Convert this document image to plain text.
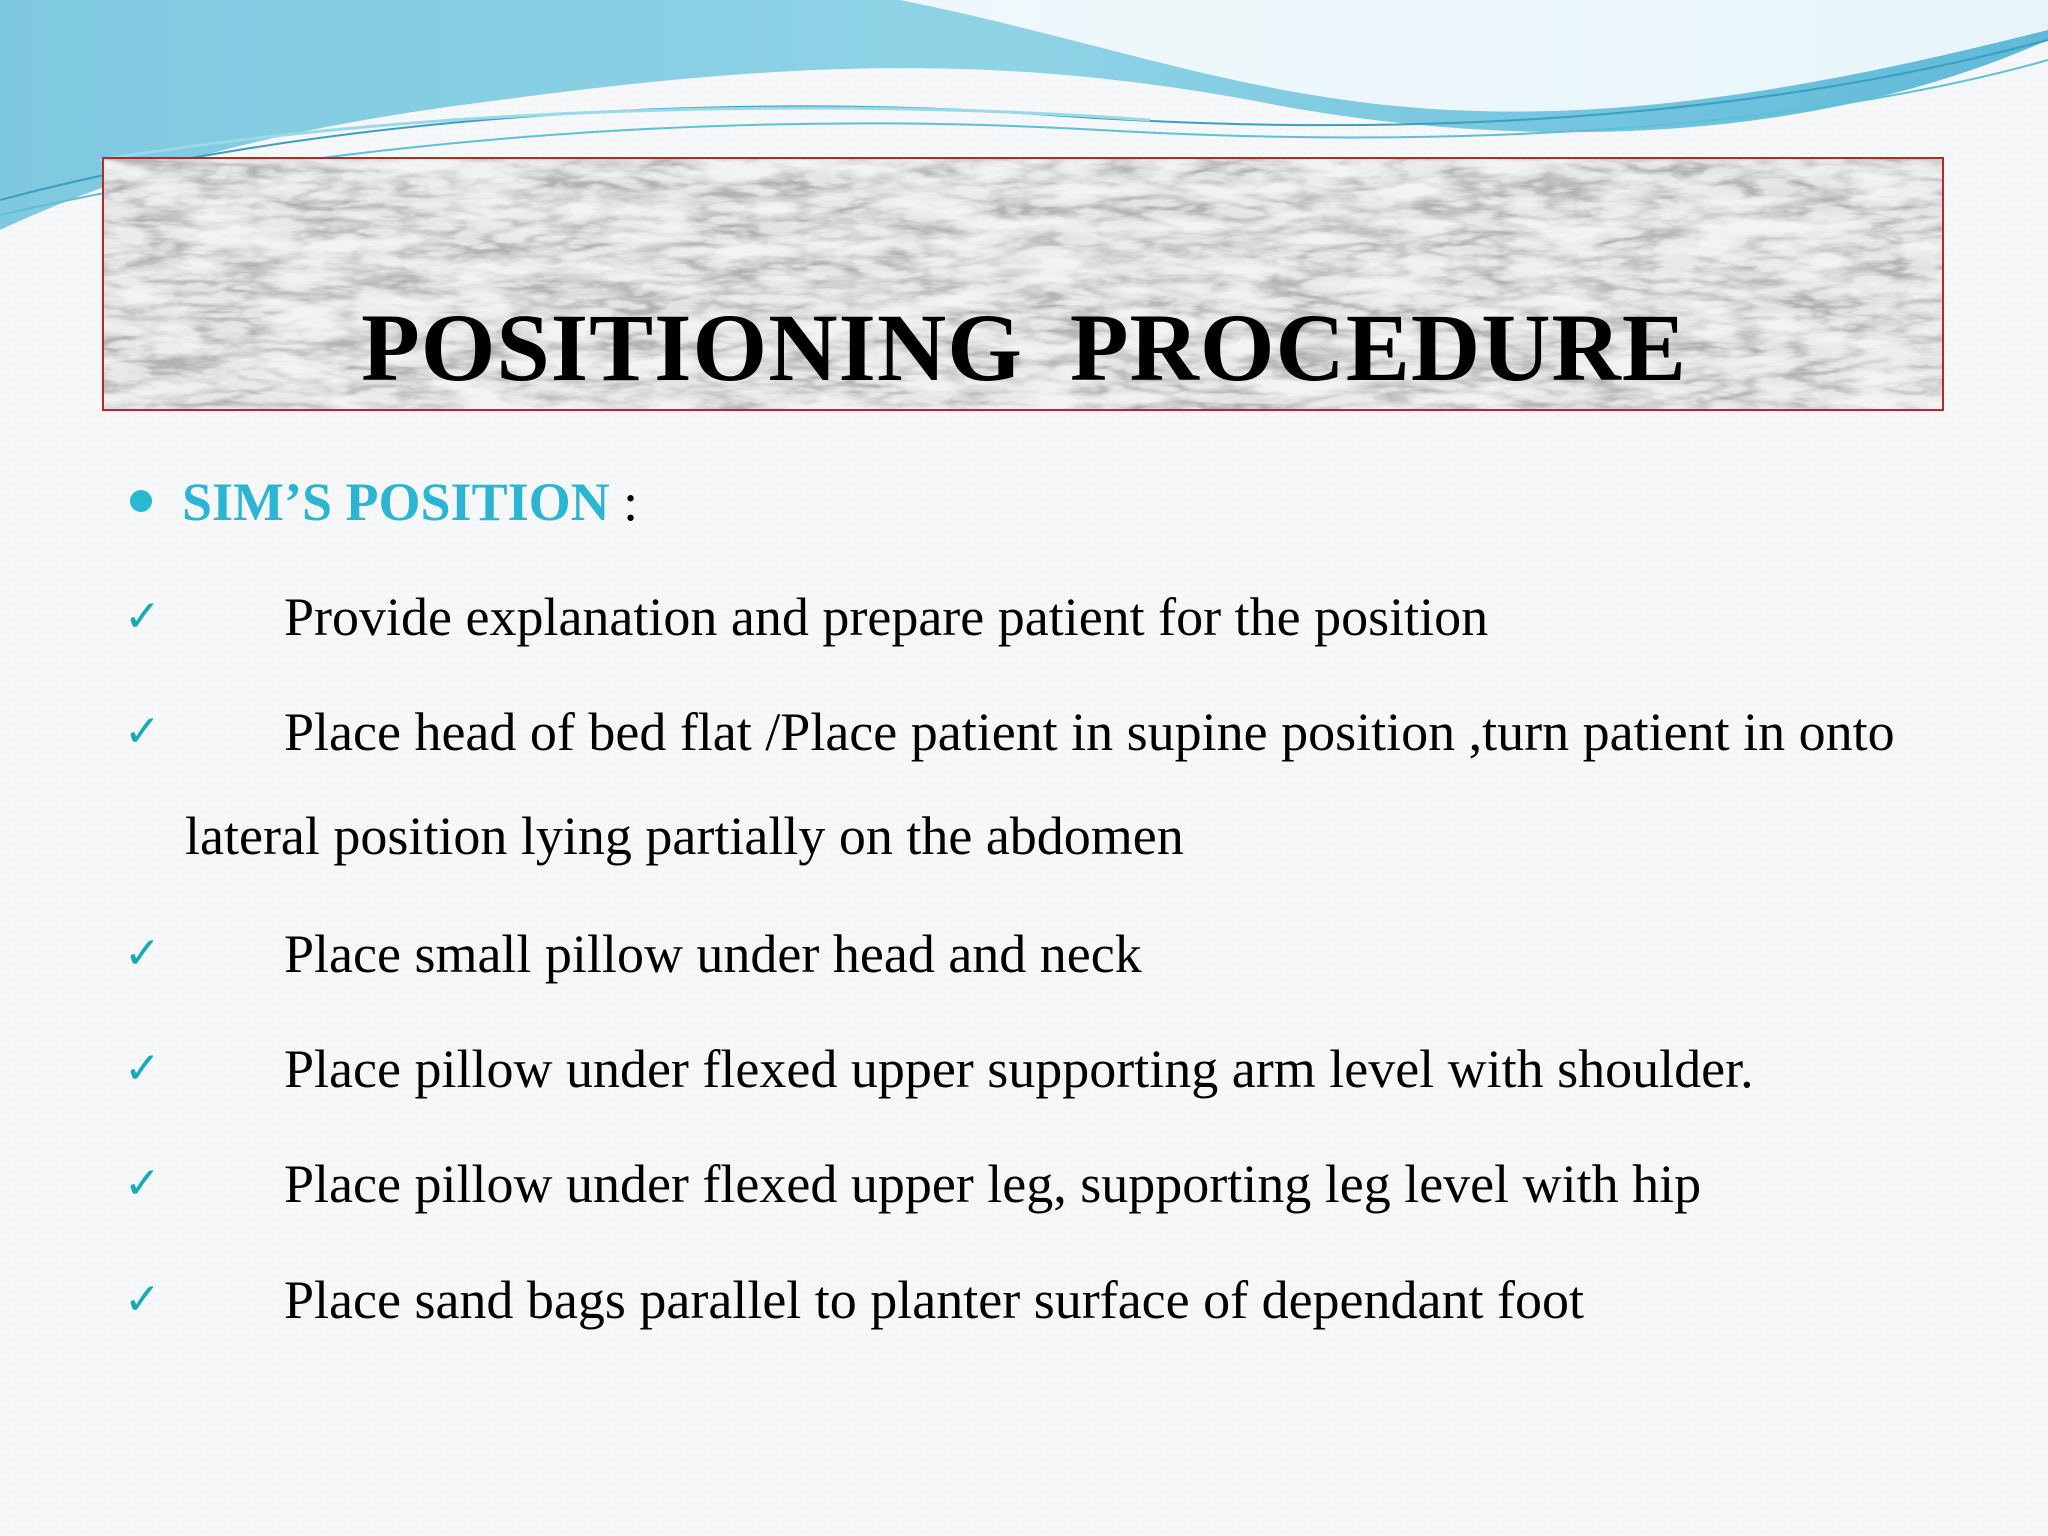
POSITIONING PROCEDURE
SIM’S POSITION :
✓	Provide explanation and prepare patient for the position
✓	Place head of bed flat /Place patient in supine position ,turn patient in onto lateral position lying partially on the abdomen
✓	Place small pillow under head and neck
✓	Place pillow under flexed upper supporting arm level with shoulder.
✓	Place pillow under flexed upper leg, supporting leg level with hip
✓	Place sand bags parallel to planter surface of dependant foot
